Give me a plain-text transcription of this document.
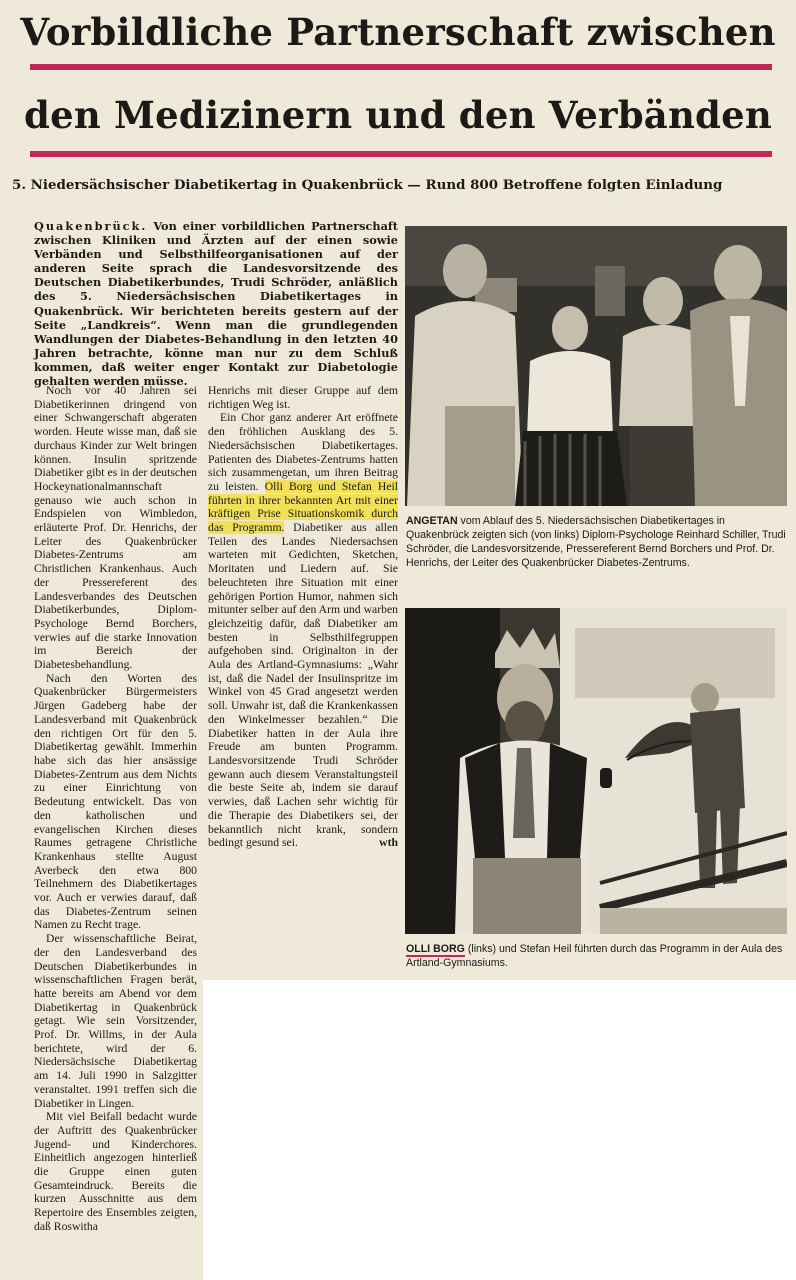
Vorbildliche Partnerschaft zwischen
den Medizinern und den Verbänden
5. Niedersächsischer Diabetikertag in Quakenbrück — Rund 800 Betroffene folgten Einladung

Quakenbrück. Von einer vorbildlichen Partnerschaft zwischen Kliniken und Ärzten auf der einen sowie Verbänden und Selbsthilfeorganisationen auf der anderen Seite sprach die Landesvorsitzende des Deutschen Diabetikerbundes, Trudi Schröder, anläßlich des 5. Niedersächsischen Diabetikertages in Quakenbrück. Wir berichteten bereits gestern auf der Seite „Landkreis“. Wenn man die grundlegenden Wandlungen der Diabetes-Behandlung in den letzten 40 Jahren betrachte, könne man nur zu dem Schluß kommen, daß weiter enger Kontakt zur Diabetologie gehalten werden müsse.

Noch vor 40 Jahren sei Diabetikerinnen dringend von einer Schwangerschaft abgeraten worden. Heute wisse man, daß sie durchaus Kinder zur Welt bringen können. Insulin spritzende Diabetiker gibt es in der deutschen Hockeynationalmannschaft genauso wie auch schon in Endspielen von Wimbledon, erläuterte Prof. Dr. Henrichs, der Leiter des Quakenbrücker Diabetes-Zentrums am Christlichen Krankenhaus. Auch der Pressereferent des Landesverbandes des Deutschen Diabetikerbundes, Diplom-Psychologe Bernd Borchers, verwies auf die starke Innovation im Bereich der Diabetesbehandlung.

Nach den Worten des Quakenbrücker Bürgermeisters Jürgen Gadeberg habe der Landesverband mit Quakenbrück den richtigen Ort für den 5. Diabetikertag gewählt. Immerhin habe sich das hier ansässige Diabetes-Zentrum aus dem Nichts zu einer Einrichtung von Bedeutung entwickelt. Das von den katholischen und evangelischen Kirchen dieses Raumes getragene Christliche Krankenhaus stellte August Averbeck den etwa 800 Teilnehmern des Diabetikertages vor. Auch er verwies darauf, daß das Diabetes-Zentrum seinen Namen zu Recht trage.

Der wissenschaftliche Beirat, der den Landesverband des Deutschen Diabetikerbundes in wissenschaftlichen Fragen berät, hatte bereits am Abend vor dem Diabetikertag in Quakenbrück getagt. Wie sein Vorsitzender, Prof. Dr. Willms, in der Aula berichtete, wird der 6. Niedersächsische Diabetikertag am 14. Juli 1990 in Salzgitter veranstaltet. 1991 treffen sich die Diabetiker in Lingen.

Mit viel Beifall bedacht wurde der Auftritt des Quakenbrücker Jugend- und Kinderchores. Einheitlich angezogen hinterließ die Gruppe einen guten Gesamteindruck. Bereits die kurzen Ausschnitte aus dem Repertoire des Ensembles zeigten, daß Roswitha

Henrichs mit dieser Gruppe auf dem richtigen Weg ist.

Ein Chor ganz anderer Art eröffnete den fröhlichen Ausklang des 5. Niedersächsischen Diabetikertages. Patienten des Diabetes-Zentrums hatten sich zusammengetan, um ihren Beitrag zu leisten. Olli Borg und Stefan Heil führten in ihrer bekannten Art mit einer kräftigen Prise Situationskomik durch das Programm. Diabetiker aus allen Teilen des Landes Niedersachsen warteten mit Gedichten, Sketchen, Moritaten und Liedern auf. Sie beleuchteten ihre Situation mit einer gehörigen Portion Humor, nahmen sich mitunter selber auf den Arm und warben gleichzeitig dafür, daß Diabetiker am besten in Selbsthilfegruppen aufgehoben sind. Originalton in der Aula des Artland-Gymnasiums: „Wahr ist, daß die Nadel der Insulinspritze im Winkel von 45 Grad angesetzt werden soll. Unwahr ist, daß die Krankenkassen den Winkelmesser bezahlen.“ Die Diabetiker hatten in der Aula ihre Freude am bunten Programm. Landesvorsitzende Trudi Schröder gewann auch diesem Veranstaltungsteil die beste Seite ab, indem sie darauf verwies, daß Lachen sehr wichtig für die Therapie des Diabetikers sei, der bekanntlich nicht krank, sondern bedingt gesund sei.	wth

ANGETAN vom Ablauf des 5. Niedersächsischen Diabetikertages in Quakenbrück zeigten sich (von links) Diplom-Psychologe Reinhard Schiller, Trudi Schröder, die Landesvorsitzende, Pressereferent Bernd Borchers und Prof. Dr. Henrichs, der Leiter des Quakenbrücker Diabetes-Zentrums.

OLLI BORG (links) und Stefan Heil führten durch das Programm in der Aula des Artland-Gymnasiums.
